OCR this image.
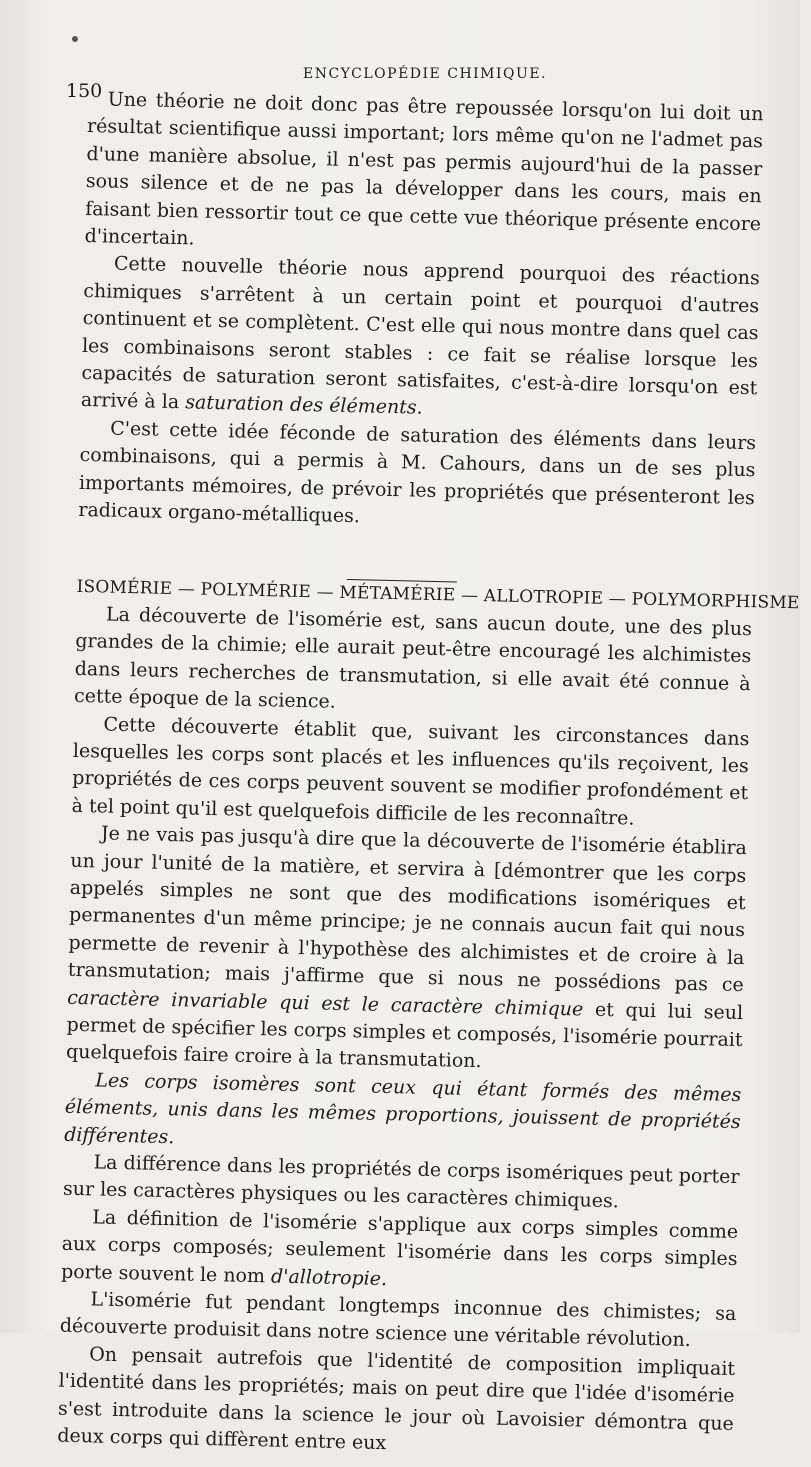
150
ENCYCLOPÉDIE CHIMIQUE.

Une théorie ne doit donc pas être repoussée lorsqu'on lui doit un résultat scientifique aussi important; lors même qu'on ne l'admet pas d'une manière absolue, il n'est pas permis aujourd'hui de la passer sous silence et de ne pas la développer dans les cours, mais en faisant bien ressortir tout ce que cette vue théorique présente encore d'incertain.

Cette nouvelle théorie nous apprend pourquoi des réactions chimiques s'arrêtent à un certain point et pourquoi d'autres continuent et se complètent. C'est elle qui nous montre dans quel cas les combinaisons seront stables : ce fait se réalise lorsque les capacités de saturation seront satisfaites, c'est-à-dire lorsqu'on est arrivé à la saturation des éléments.

C'est cette idée féconde de saturation des éléments dans leurs combinaisons, qui a permis à M. Cahours, dans un de ses plus importants mémoires, de prévoir les propriétés que présenteront les radicaux organo-métalliques.

ISOMÉRIE — POLYMÉRIE — MÉTAMÉRIE — ALLOTROPIE — POLYMORPHISME

La découverte de l'isomérie est, sans aucun doute, une des plus grandes de la chimie; elle aurait peut-être encouragé les alchimistes dans leurs recherches de transmutation, si elle avait été connue à cette époque de la science.

Cette découverte établit que, suivant les circonstances dans lesquelles les corps sont placés et les influences qu'ils reçoivent, les propriétés de ces corps peuvent souvent se modifier profondément et à tel point qu'il est quelquefois difficile de les reconnaître.

Je ne vais pas jusqu'à dire que la découverte de l'isomérie établira un jour l'unité de la matière, et servira à [démontrer que les corps appelés simples ne sont que des modifications isomériques et permanentes d'un même principe; je ne connais aucun fait qui nous permette de revenir à l'hypothèse des alchimistes et de croire à la transmutation; mais j'affirme que si nous ne possédions pas ce caractère invariable qui est le caractère chimique et qui lui seul permet de spécifier les corps simples et composés, l'isomérie pourrait quelquefois faire croire à la transmutation.

Les corps isomères sont ceux qui étant formés des mêmes éléments, unis dans les mêmes proportions, jouissent de propriétés différentes.

La différence dans les propriétés de corps isomériques peut porter sur les caractères physiques ou les caractères chimiques.

La définition de l'isomérie s'applique aux corps simples comme aux corps composés; seulement l'isomérie dans les corps simples porte souvent le nom d'allotropie.

L'isomérie fut pendant longtemps inconnue des chimistes; sa découverte produisit dans notre science une véritable révolution.

On pensait autrefois que l'identité de composition impliquait l'identité dans les propriétés; mais on peut dire que l'idée d'isomérie s'est introduite dans la science le jour où Lavoisier démontra que deux corps qui diffèrent entre eux
